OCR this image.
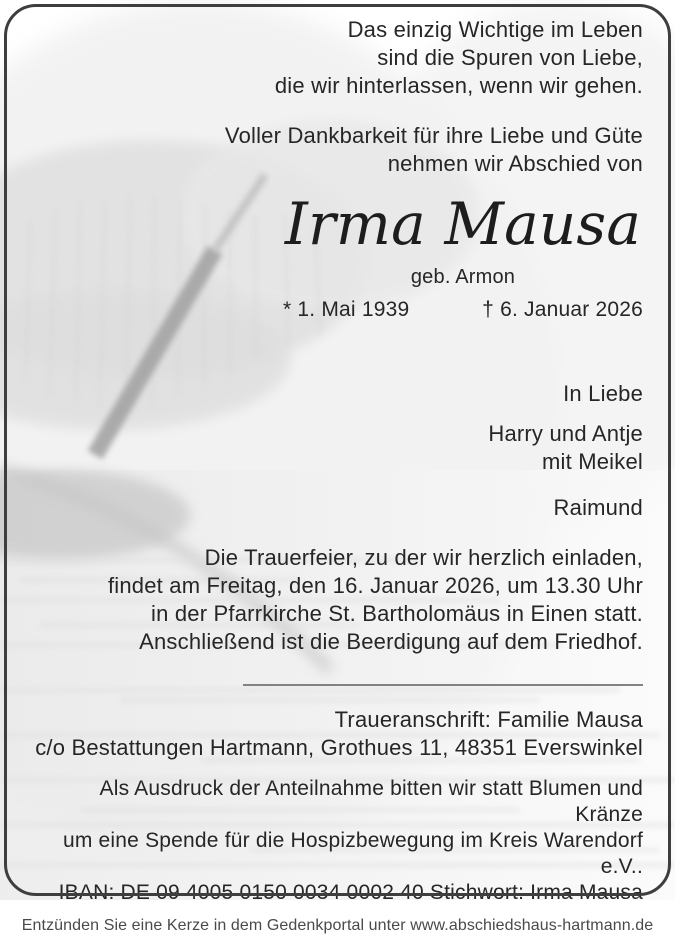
Das einzig Wichtige im Leben
sind die Spuren von Liebe,
die wir hinterlassen, wenn wir gehen.
Voller Dankbarkeit für ihre Liebe und Güte
nehmen wir Abschied von
Irma Mausa
geb. Armon
* 1. Mai 1939	† 6. Januar 2026
In Liebe
Harry und Antje
mit Meikel
Raimund
Die Trauerfeier, zu der wir herzlich einladen,
findet am Freitag, den 16. Januar 2026, um 13.30 Uhr
in der Pfarrkirche St. Bartholomäus in Einen statt.
Anschließend ist die Beerdigung auf dem Friedhof.
Traueranschrift: Familie Mausa
c/o Bestattungen Hartmann, Grothues 11, 48351 Everswinkel
Als Ausdruck der Anteilnahme bitten wir statt Blumen und Kränze
um eine Spende für die Hospizbewegung im Kreis Warendorf e.V..
IBAN: DE 09 4005 0150 0034 0002 40 Stichwort: Irma Mausa
Entzünden Sie eine Kerze in dem Gedenkportal unter www.abschiedshaus-hartmann.de
